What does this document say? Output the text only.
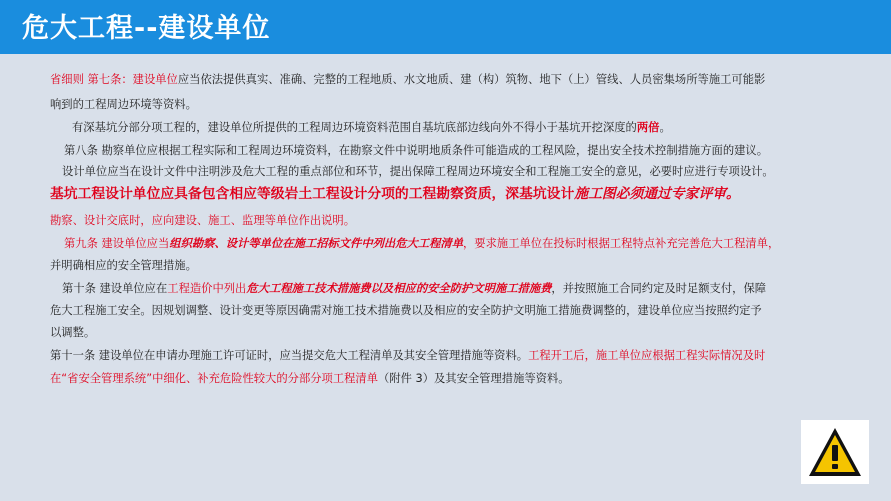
危大工程--建设单位
省细则 第七条：建设单位应当依法提供真实、准确、完整的工程地质、水文地质、建（构）筑物、地下（上）管线、人员密集场所等施工可能影
响到的工程周边环境等资料。
有深基坑分部分项工程的，建设单位所提供的工程周边环境资料范围自基坑底部边线向外不得小于基坑开挖深度的两倍。
第八条 勘察单位应根据工程实际和工程周边环境资料，在勘察文件中说明地质条件可能造成的工程风险，提出安全技术控制措施方面的建议。
设计单位应当在设计文件中注明涉及危大工程的重点部位和环节，提出保障工程周边环境安全和工程施工安全的意见，必要时应进行专项设计。
基坑工程设计单位应具备包含相应等级岩土工程设计分项的工程勘察资质，深基坑设计施工图必须通过专家评审。
勘察、设计交底时，应向建设、施工、监理等单位作出说明。
第九条 建设单位应当组织勘察、设计等单位在施工招标文件中列出危大工程清单，要求施工单位在投标时根据工程特点补充完善危大工程清单，
并明确相应的安全管理措施。
第十条 建设单位应在工程造价中列出危大工程施工技术措施费以及相应的安全防护文明施工措施费，并按照施工合同约定及时足额支付，保障
危大工程施工安全。因规划调整、设计变更等原因确需对施工技术措施费以及相应的安全防护文明施工措施费调整的，建设单位应当按照约定予
以调整。
第十一条 建设单位在申请办理施工许可证时，应当提交危大工程清单及其安全管理措施等资料。工程开工后，施工单位应根据工程实际情况及时
在“省安全管理系统”中细化、补充危险性较大的分部分项工程清单（附件 3）及其安全管理措施等资料。
